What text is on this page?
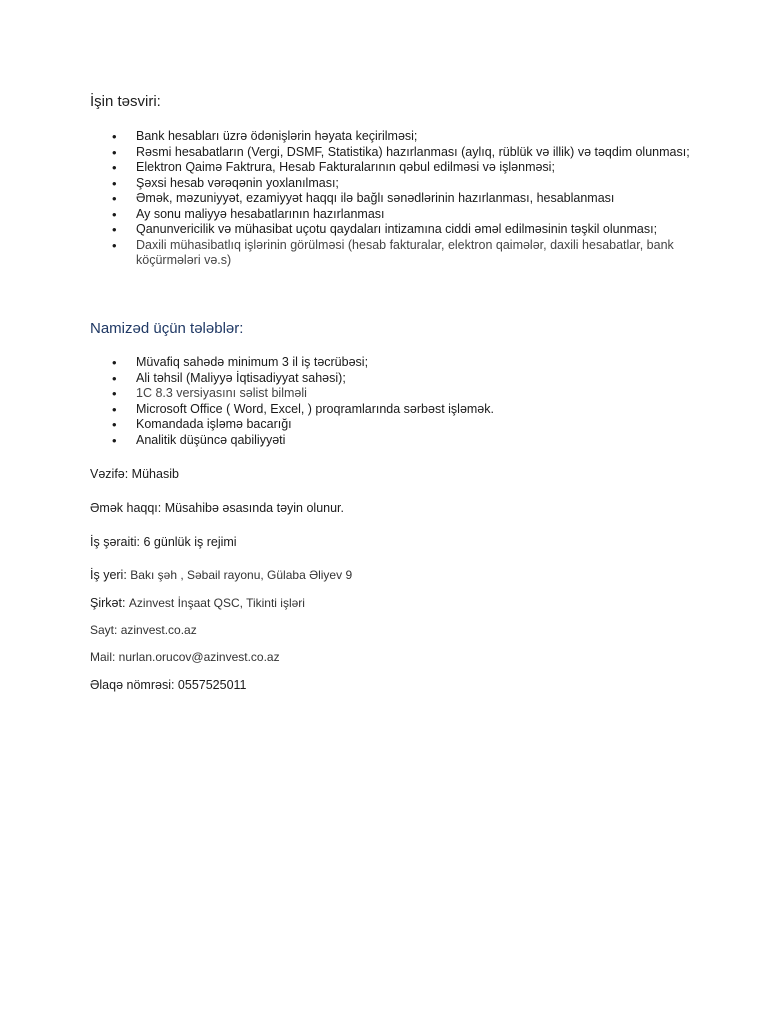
İşin təsviri:
• Bank hesabları üzrə ödənişlərin həyata keçirilməsi;
• Rəsmi hesabatların (Vergi, DSMF, Statistika) hazırlanması (aylıq, rüblük və illik) və təqdim olunması;
• Elektron Qaimə Faktrura, Hesab Fakturalarının qəbul edilməsi və işlənməsi;
• Şəxsi hesab vərəqənin yoxlanılması;
• Əmək, məzuniyyət, ezamiyyət haqqı ilə bağlı sənədlərinin hazırlanması, hesablanması
• Ay sonu maliyyə hesabatlarının hazırlanması
• Qanunvericilik və mühasibat uçotu qaydaları intizamına ciddi əməl edilməsinin təşkil olunması;
• Daxili mühasibatlıq işlərinin görülməsi (hesab fakturalar, elektron qaimələr, daxili hesabatlar, bank köçürmələri və.s)
Namizəd üçün tələblər:
• Müvafiq sahədə minimum 3 il iş təcrübəsi;
• Ali təhsil (Maliyyə İqtisadiyyat sahəsi);
• 1C 8.3 versiyasını səlist bilməli
• Microsoft Office ( Word, Excel, ) proqramlarında sərbəst işləmək.
• Komandada işləmə bacarığı
• Analitik düşüncə qabiliyyəti

Vəzifə: Mühasib

Əmək haqqı: Müsahibə əsasında təyin olunur.

İş şəraiti: 6 günlük iş rejimi

İş yeri: Bakı şəh , Səbail rayonu, Gülaba Əliyev 9

Şirkət: Azinvest İnşaat QSC, Tikinti işləri

Sayt: azinvest.co.az

Mail: nurlan.orucov@azinvest.co.az

Əlaqə nömrəsi: 0557525011
